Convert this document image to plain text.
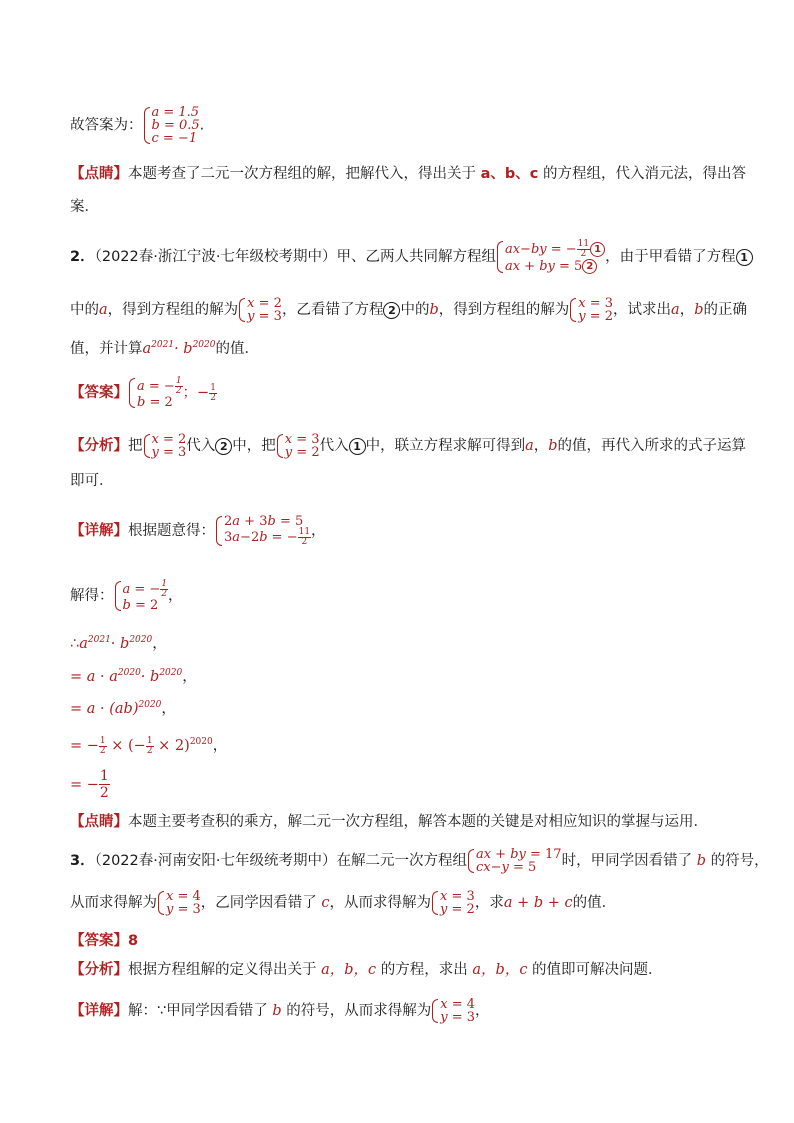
故答案为：
a = 1.5
b = 0.5
c = −1
.
【点睛】本题考查了二元一次方程组的解，把解代入，得出关于 a、b、c 的方程组，代入消元法，得出答
案．
2．（2022春·浙江宁波·七年级校考期中）甲、乙两人共同解方程组 ax−by = − $\frac{11}{2} 1$
ax + by = 5 2
，由于甲看错了方程 1
中的a，得到方程组的解为 x = 2
y = 3 ，乙看错了方程 2 中的b，得到方程组的解为 x = 3
y = 2 ，试求出a，b的正确
值，并计算$a^{2021}\cdot b^{2020}$的值．
【答案】 a = − $\frac{1}{2}$
b = 2
；− $\frac{1}{2}$
【分析】把 x = 2
y = 3 代入 2 中，把 x = 3
y = 2 代入 1 中，联立方程求解可得到a，b的值，再代入所求的式子运算
即可．
【详解】根据题意得：
2a + 3b = 5
3a−2b = − $\frac{11}{2}$ ，
解得： a = − $\frac{1}{2}$
b = 2
，
$\therefore a^{2021}\cdot b^{2020}$，
= $a \cdot a^{2020}\cdot b^{2020}$，
= a · (ab)$^{2020}$，
= − $\frac{1}{2}$ × (− $\frac{1}{2} \times 2)^{2020}$，
= − $\frac{1}{2}$
【点睛】本题主要考查积的乘方，解二元一次方程组，解答本题的关键是对相应知识的掌握与运用．
3．（2022春·河南安阳·七年级统考期中）在解二元一次方程组 ax + by = 17
cx−y = 5	时，甲同学因看错了 b 的符号，
从而求得解为 x = 4
y = 3 ，乙同学因看错了 c，从而求得解为 x = 3
y = 2 ，求a + b + c的值．
【答案】8
【分析】根据方程组解的定义得出关于 a，b，c 的方程，求出 a，b，c 的值即可解决问题．
【详解】解：∵甲同学因看错了 b 的符号，从而求得解为 x = 4
y = 3 ，
